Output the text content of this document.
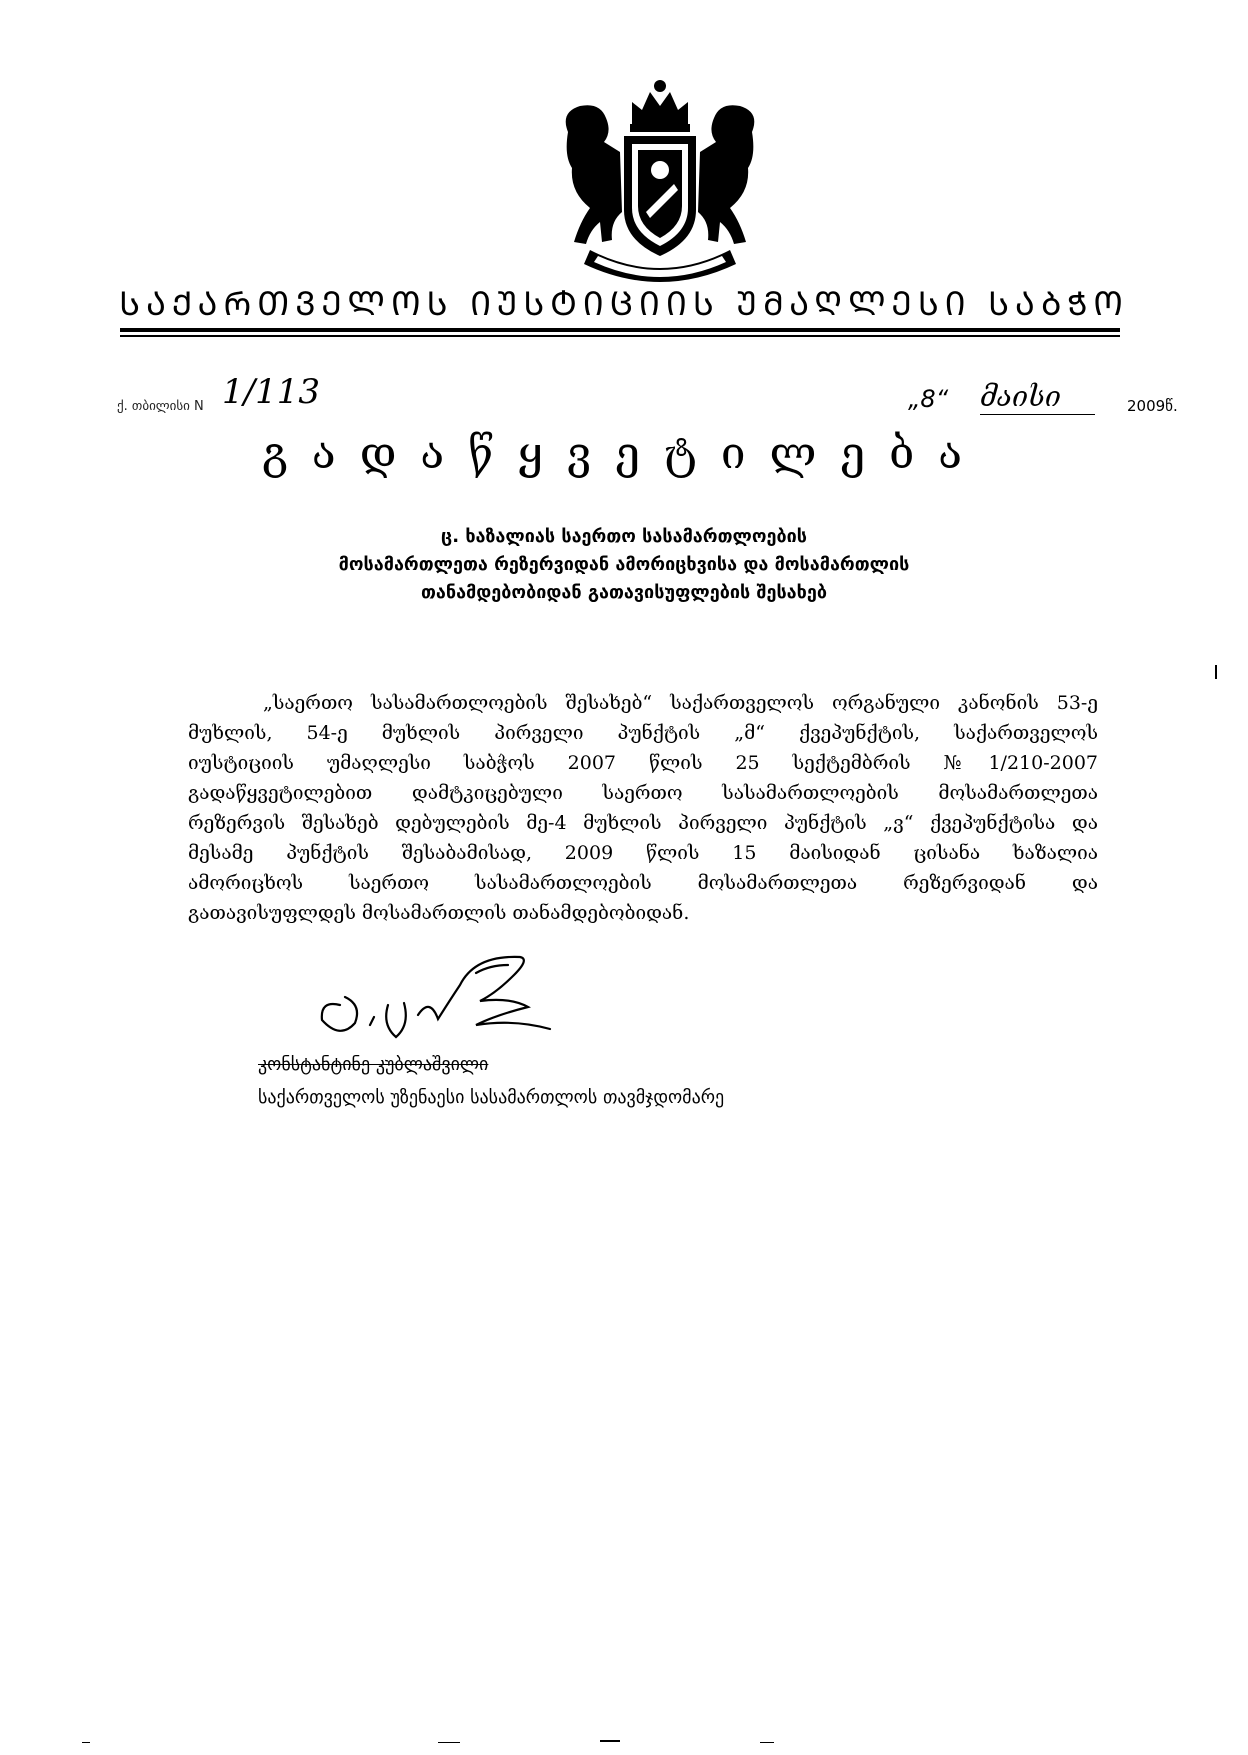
ᲡᲐᲥᲐᲠᲗᲕᲔᲚᲝᲡ ᲘᲣᲡᲢᲘᲪᲘᲘᲡ ᲣᲛᲐᲦᲚᲔᲡᲘ ᲡᲐᲑᲭᲝ
ქ. თბილისი N 1/113	„8“ მაისი	2009წ.
გადაწყვეტილება
ც. ხაზალიას საერთო სასამართლოების
მოსამართლეთა რეზერვიდან ამორიცხვისა და მოსამართლის
თანამდებობიდან გათავისუფლების შესახებ
„საერთო სასამართლოების შესახებ“ საქართველოს ორგანული კანონის 53-ე
მუხლის, 54-ე მუხლის პირველი პუნქტის „მ“ ქვეპუნქტის, საქართველოს
იუსტიციის უმაღლესი საბჭოს 2007 წლის 25 სექტემბრის №1/210-2007
გადაწყვეტილებით დამტკიცებული საერთო სასამართლოების მოსამართლეთა
რეზერვის შესახებ დებულების მე-4 მუხლის პირველი პუნქტის „ვ“ ქვეპუნქტისა და
მესამე პუნქტის შესაბამისად, 2009 წლის 15 მაისიდან ცისანა ხაზალია
ამორიცხოს საერთო სასამართლოების მოსამართლეთა რეზერვიდან და
გათავისუფლდეს მოსამართლის თანამდებობიდან.
კონსტანტინე კუბლაშვილი
საქართველოს უზენაესი სასამართლოს თავმჯდომარე
